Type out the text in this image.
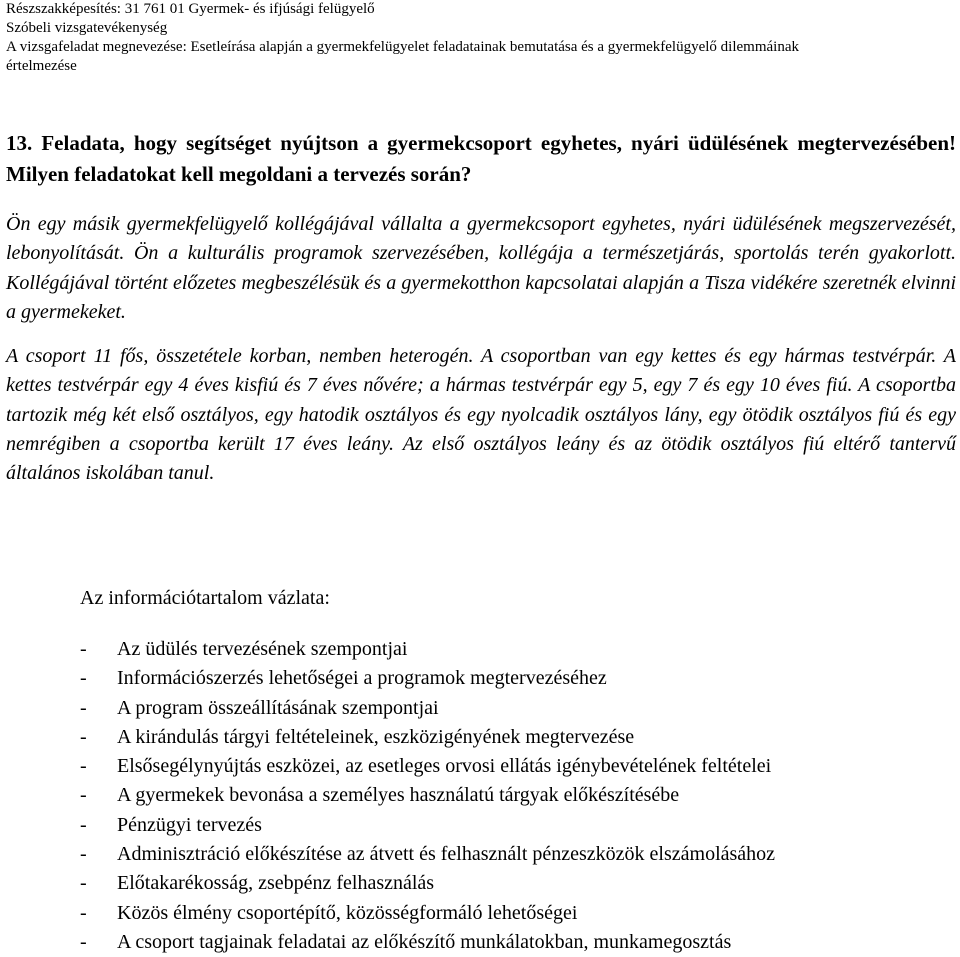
Részszakképesítés: 31 761 01 Gyermek- és ifjúsági felügyelő
Szóbeli vizsgatevékenység
A vizsgafeladat megnevezése: Esetleírása alapján a gyermekfelügyelet feladatainak bemutatása és a gyermekfelügyelő dilemmáinak
értelmezése
13. Feladata, hogy segítséget nyújtson a gyermekcsoport egyhetes, nyári üdülésének megtervezésében! Milyen feladatokat kell megoldani a tervezés során?

Ön egy másik gyermekfelügyelő kollégájával vállalta a gyermekcsoport egyhetes, nyári üdülésének megszervezését, lebonyolítását. Ön a kulturális programok szervezésében, kollégája a természetjárás, sportolás terén gyakorlott. Kollégájával történt előzetes megbeszélésük és a gyermekotthon kapcsolatai alapján a Tisza vidékére szeretnék elvinni a gyermekeket.

A csoport 11 fős, összetétele korban, nemben heterogén. A csoportban van egy kettes és egy hármas testvérpár. A kettes testvérpár egy 4 éves kisfiú és 7 éves nővére; a hármas testvérpár egy 5, egy 7 és egy 10 éves fiú. A csoportba tartozik még két első osztályos, egy hatodik osztályos és egy nyolcadik osztályos lány, egy ötödik osztályos fiú és egy nemrégiben a csoportba került 17 éves leány. Az első osztályos leány és az ötödik osztályos fiú eltérő tantervű általános iskolában tanul.

Az információtartalom vázlata:
-	Az üdülés tervezésének szempontjai
-	Információszerzés lehetőségei a programok megtervezéséhez
-	A program összeállításának szempontjai
-	A kirándulás tárgyi feltételeinek, eszközigényének megtervezése
-	Elsősegélynyújtás eszközei, az esetleges orvosi ellátás igénybevételének feltételei
-	A gyermekek bevonása a személyes használatú tárgyak előkészítésébe
-	Pénzügyi tervezés
-	Adminisztráció előkészítése az átvett és felhasznált pénzeszközök elszámolásához
-	Előtakarékosság, zsebpénz felhasználás
-	Közös élmény csoportépítő, közösségformáló lehetőségei
-	A csoport tagjainak feladatai az előkészítő munkálatokban, munkamegosztás
